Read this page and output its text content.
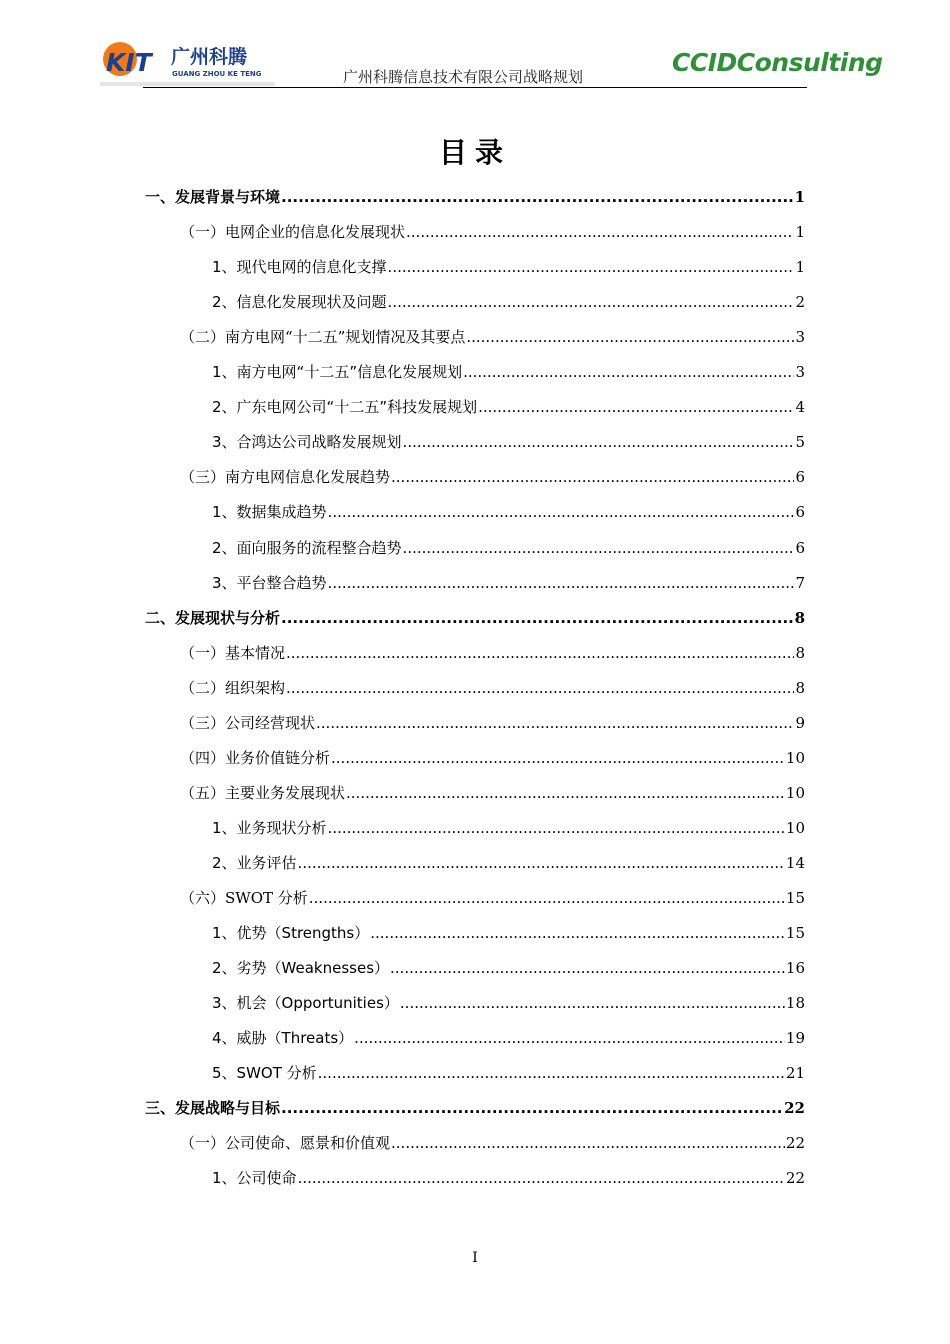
KIT 广州科腾
GUANG ZHOU KE TENG	广州科腾信息技术有限公司战略规划	CCIDConsulting
目录
一、发展背景与环境 .....	1
（一）电网企业的信息化发展现状 .....	1
1、现代电网的信息化支撑 .....	1
2、信息化发展现状及问题 .....	2
（二）南方电网“十二五”规划情况及其要点 .....	3
1、南方电网“十二五”信息化发展规划 .....	3
2、广东电网公司“十二五”科技发展规划 .....	4
3、合鸿达公司战略发展规划 .....	5
（三）南方电网信息化发展趋势 .....	6
1、数据集成趋势 .....	6
2、面向服务的流程整合趋势 .....	6
3、平台整合趋势 .....	7
二、发展现状与分析 .....	8
（一）基本情况 .....	8
（二）组织架构 .....	8
（三）公司经营现状 .....	9
（四）业务价值链分析 .....	10
（五）主要业务发展现状 .....	10
1、业务现状分析 .....	10
2、业务评估 .....	14
（六）SWOT 分析 .....	15
1、优势（Strengths） .....	15
2、劣势（Weaknesses） .....	16
3、机会（Opportunities） .....	18
4、威胁（Threats） .....	19
5、SWOT 分析 .....	21
三、发展战略与目标 .....	22
（一）公司使命、愿景和价值观 .....	22
1、公司使命 .....	22
I
